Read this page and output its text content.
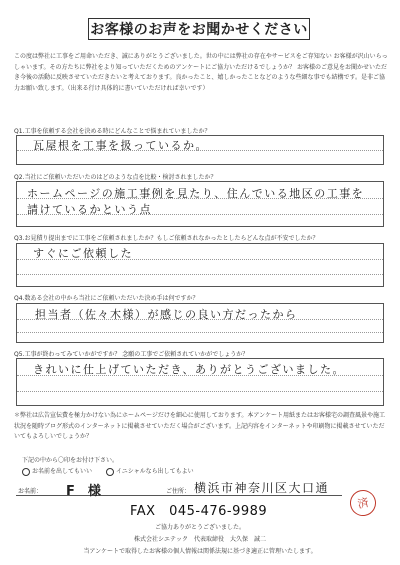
お客様のお声をお聞かせください
この度は弊社に工事をご用命いただき、誠にありがとうございました。世の中には弊社の存在やサービスをご存知ない お客様が沢山いらっしゃいます。その方たちに弊社をより知っていただくためのアンケートにご協力いただけるでしょうか？ お客様のご意見をお聞かせいただき今後の活動に反映させていただきたいと考えております。良かったこと、嬉しかったことなどのような些細な事でも結構です。是非ご協力お願い致します。（出来る行け具体的に書いていただければ幸いです）
Q1.工事を依頼する会社を決める時にどんなことで悩まれていましたか？
瓦屋根を工事を扱っているか。
Q2.当社にご依頼いただいたのはどのような点を比較・検討されましたか？
ホームページの施工事例を見たり、住んでいる地区の工事を
請けているかという点
Q3.お見積り提出までに工事をご依頼されましたか？もしご依頼されなかったとしたらどんな点が不安でしたか？
すぐにご依頼した
Q4.数ある会社の中から当社にご依頼いただいた決め手は何ですか？
担当者（佐々木様）が感じの良い方だったから
Q5.工事が終わってみていかがですか？ 念願の工事でご依頼されていかがでしょうか？
きれいに仕上げていただき、ありがとうございました。
＊弊社は広告宣伝費を極力かけない為にホームページだけを細心に使用しております。本アンケート用紙またはお客様宅の調査風景や施工状況を随時ブログ形式のインターネットに掲載させていただく場合がございます。上記内容をインターネットや印刷物に掲載させていただいてもよろしいでしょうか？
下記の中から〇印をお付け下さい。
お名前を出してもいい	イニシャルなら出してもよい
お名前： F　様	ご住所： 横浜市神奈川区大口通
FAX　045-476-9989
済
ご協力ありがとうございました。
株式会社シエテック　代表取締役　大久保　誠二
当アンケートで取得したお客様の個人情報は関係法規に基づき適正に管理いたします。
